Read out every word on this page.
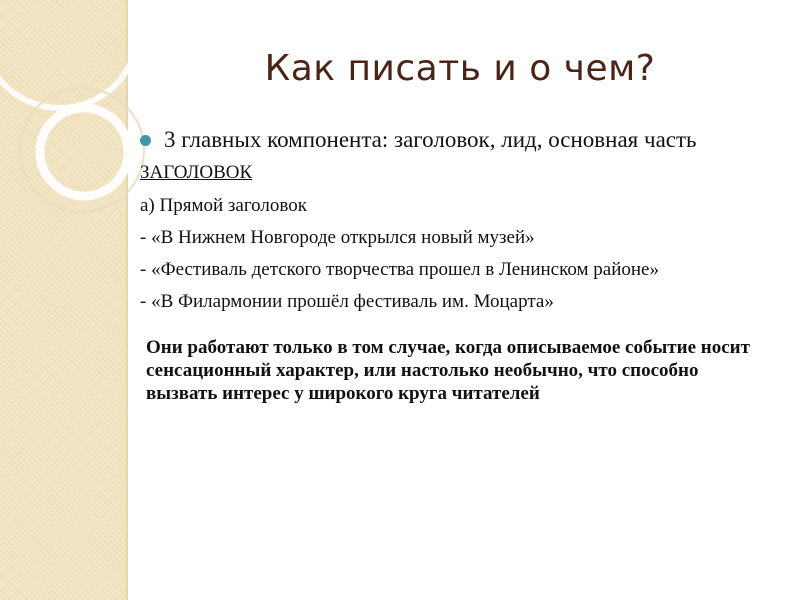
Как писать и о чем?
3 главных компонента: заголовок, лид, основная часть
ЗАГОЛОВОК
а) Прямой заголовок
- «В Нижнем Новгороде открылся новый музей»
- «Фестиваль детского творчества прошел в Ленинском районе»
- «В Филармонии прошёл фестиваль им. Моцарта»

Они работают только в том случае, когда описываемое событие носит сенсационный характер, или настолько необычно, что способно вызвать интерес у широкого круга читателей
